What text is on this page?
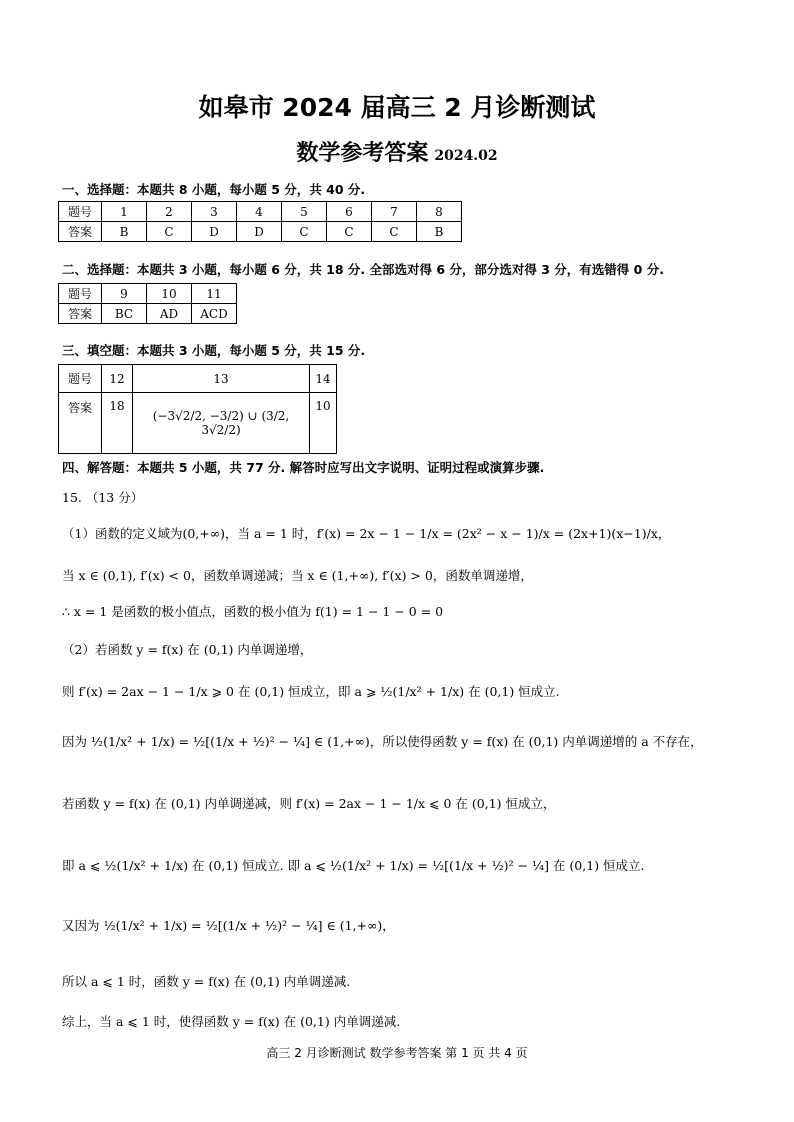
如皋市 2024 届高三 2 月诊断测试
数学参考答案 2024.02
一、选择题：本题共 8 小题，每小题 5 分，共 40 分.
题号	1	2	3	4	5	6	7	8
答案	B	C	D	D	C	C	C	B
二、选择题：本题共 3 小题，每小题 6 分，共 18 分. 全部选对得 6 分，部分选对得 3 分，有选错得 0 分.
题号	9	10	11
答案	BC	AD	ACD
三、填空题：本题共 3 小题，每小题 5 分，共 15 分.
题号	12	13	14
答案	18	(−3√2/2, −3/2) ∪ (3/2, 3√2/2)	10
四、解答题：本题共 5 小题，共 77 分. 解答时应写出文字说明、证明过程或演算步骤.
15. （13 分）
（1）函数的定义域为(0,+∞)，当 a = 1 时，f′(x) = 2x − 1 − 1/x = (2x² − x − 1)/x = (2x+1)(x−1)/x，
当 x ∈ (0,1), f′(x) < 0，函数单调递减；当 x ∈ (1,+∞), f′(x) > 0，函数单调递增，
∴ x = 1 是函数的极小值点，函数的极小值为 f(1) = 1 − 1 − 0 = 0
（2）若函数 y = f(x) 在 (0,1) 内单调递增，
则 f′(x) = 2ax − 1 − 1/x ⩾ 0 在 (0,1) 恒成立，即 a ⩾ ½(1/x² + 1/x) 在 (0,1) 恒成立.
因为 ½(1/x² + 1/x) = ½[(1/x + ½)² − ¼] ∈ (1,+∞)，所以使得函数 y = f(x) 在 (0,1) 内单调递增的 a 不存在，
若函数 y = f(x) 在 (0,1) 内单调递减，则 f′(x) = 2ax − 1 − 1/x ⩽ 0 在 (0,1) 恒成立，
即 a ⩽ ½(1/x² + 1/x) 在 (0,1) 恒成立. 即 a ⩽ ½(1/x² + 1/x) = ½[(1/x + ½)² − ¼] 在 (0,1) 恒成立.
又因为 ½(1/x² + 1/x) = ½[(1/x + ½)² − ¼] ∈ (1,+∞)，
所以 a ⩽ 1 时，函数 y = f(x) 在 (0,1) 内单调递减.
综上，当 a ⩽ 1 时，使得函数 y = f(x) 在 (0,1) 内单调递减.
高三 2 月诊断测试 数学参考答案 第 1 页 共 4 页
